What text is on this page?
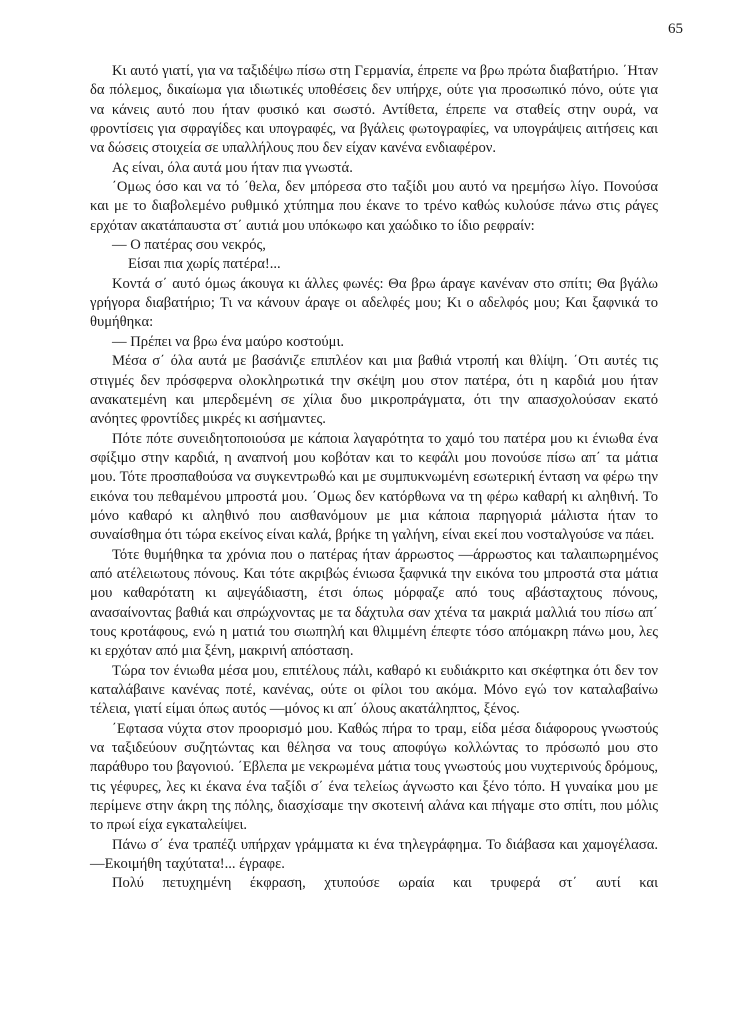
65

Κι αυτό γιατί, για να ταξιδέψω πίσω στη Γερμανία, έπρεπε να βρω πρώτα διαβατήριο. ΄Ηταν δα πόλεμος, δικαίωμα για ιδιωτικές υποθέσεις δεν υπήρχε, ούτε για προσωπικό πόνο, ούτε για να κάνεις αυτό που ήταν φυσικό και σωστό. Αντίθετα, έπρεπε να σταθείς στην ουρά, να φροντίσεις για σφραγίδες και υπογραφές, να βγάλεις φωτογραφίες, να υπογράψεις αιτήσεις και να δώσεις στοιχεία σε υπαλλήλους που δεν είχαν κανένα ενδιαφέρον.

Ας είναι, όλα αυτά μου ήταν πια γνωστά.

΄Ομως όσο και να τό ΄θελα, δεν μπόρεσα στο ταξίδι μου αυτό να ηρεμήσω λίγο. Πονούσα και με το διαβολεμένο ρυθμικό χτύπημα που έκανε το τρένο καθώς κυλούσε πάνω στις ράγες ερχόταν ακατάπαυστα στ΄ αυτιά μου υπόκωφο και χαώδικο το ίδιο ρεφραίν:

— Ο πατέρας σου νεκρός,

Είσαι πια χωρίς πατέρα!...

Κοντά σ΄ αυτό όμως άκουγα κι άλλες φωνές: Θα βρω άραγε κανέναν στο σπίτι; Θα βγάλω γρήγορα διαβατήριο; Τι να κάνουν άραγε οι αδελφές μου; Κι ο αδελφός μου; Και ξαφνικά το θυμήθηκα:

— Πρέπει να βρω ένα μαύρο κοστούμι.

Μέσα σ΄ όλα αυτά με βασάνιζε επιπλέον και μια βαθιά ντροπή και θλίψη. ΄Οτι αυτές τις στιγμές δεν πρόσφερνα ολοκληρωτικά την σκέψη μου στον πατέρα, ότι η καρδιά μου ήταν ανακατεμένη και μπερδεμένη σε χίλια δυο μικροπράγματα, ότι την απασχολούσαν εκατό ανόητες φροντίδες μικρές κι ασήμαντες.

Πότε πότε συνειδητοποιούσα με κάποια λαγαρότητα το χαμό του πατέρα μου κι ένιωθα ένα σφίξιμο στην καρδιά, η αναπνοή μου κοβόταν και το κεφάλι μου πονούσε πίσω απ΄ τα μάτια μου. Τότε προσπαθούσα να συγκεντρωθώ και με συμπυκνωμένη εσωτερική ένταση να φέρω την εικόνα του πεθαμένου μπροστά μου. ΄Ομως δεν κατόρθωνα να τη φέρω καθαρή κι αληθινή. Το μόνο καθαρό κι αληθινό που αισθανόμουν με μια κάποια παρηγοριά μάλιστα ήταν το συναίσθημα ότι τώρα εκείνος είναι καλά, βρήκε τη γαλήνη, είναι εκεί που νοσταλγούσε να πάει.

Τότε θυμήθηκα τα χρόνια που ο πατέρας ήταν άρρωστος —άρρωστος και ταλαιπωρημένος από ατέλειωτους πόνους. Και τότε ακριβώς ένιωσα ξαφνικά την εικόνα του μπροστά στα μάτια μου καθαρότατη κι αψεγάδιαστη, έτσι όπως μόρφαζε από τους αβάσταχτους πόνους, ανασαίνοντας βαθιά και σπρώχνοντας με τα δάχτυλα σαν χτένα τα μακριά μαλλιά του πίσω απ΄ τους κροτάφους, ενώ η ματιά του σιωπηλή και θλιμμένη έπεφτε τόσο απόμακρη πάνω μου, λες κι ερχόταν από μια ξένη, μακρινή απόσταση.

Τώρα τον ένιωθα μέσα μου, επιτέλους πάλι, καθαρό κι ευδιάκριτο και σκέφτηκα ότι δεν τον καταλάβαινε κανένας ποτέ, κανένας, ούτε οι φίλοι του ακόμα. Μόνο εγώ τον καταλαβαίνω τέλεια, γιατί είμαι όπως αυτός —μόνος κι απ΄ όλους ακατάληπτος, ξένος.

΄Εφτασα νύχτα στον προορισμό μου. Καθώς πήρα το τραμ, είδα μέσα διάφορους γνωστούς να ταξιδεύουν συζητώντας και θέλησα να τους αποφύγω κολλώντας το πρόσωπό μου στο παράθυρο του βαγονιού. ΄Εβλεπα με νεκρωμένα μάτια τους γνωστούς μου νυχτερινούς δρόμους, τις γέφυρες, λες κι έκανα ένα ταξίδι σ΄ ένα τελείως άγνωστο και ξένο τόπο. Η γυναίκα μου με περίμενε στην άκρη της πόλης, διασχίσαμε την σκοτεινή αλάνα και πήγαμε στο σπίτι, που μόλις το πρωί είχα εγκαταλείψει.

Πάνω σ΄ ένα τραπέζι υπήρχαν γράμματα κι ένα τηλεγράφημα. Το διάβασα και χαμογέλασα. —Εκοιμήθη ταχύτατα!... έγραφε.

Πολύ πετυχημένη έκφραση, χτυπούσε ωραία και τρυφερά στ΄ αυτί και
